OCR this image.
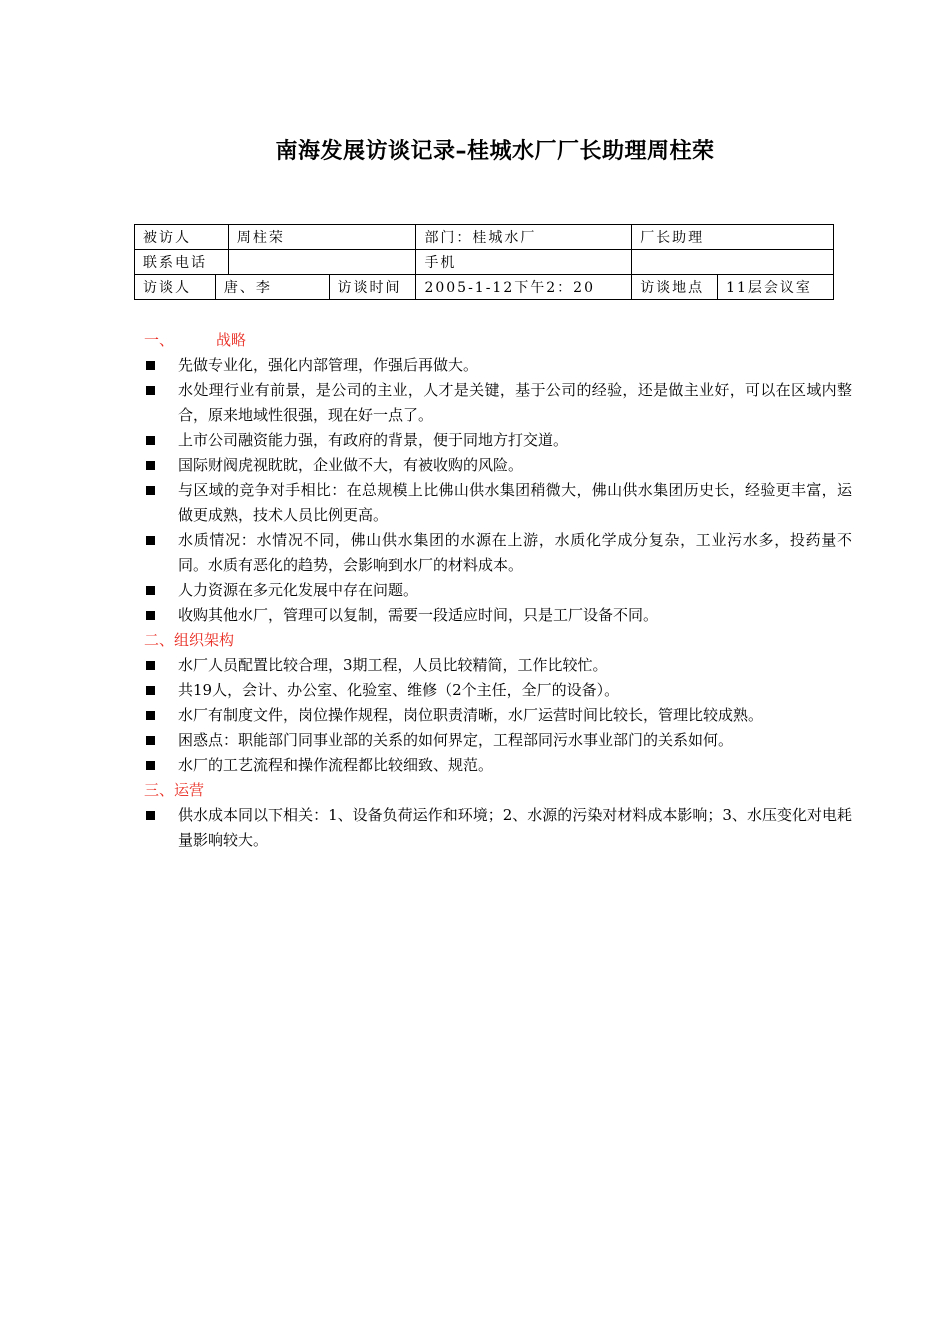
南海发展访谈记录–桂城水厂厂长助理周柱荣
被访人		周柱荣		部门：桂城水厂	厂长助理	
联系电话				手机		
访谈人	唐、李		访谈时间	2005-1-12下午2：20	访谈地点	11层会议室
一、	战略
先做专业化，强化内部管理，作强后再做大。
水处理行业有前景，是公司的主业，人才是关键，基于公司的经验，还是做主业好，可以在区域内整合，原来地域性很强，现在好一点了。
上市公司融资能力强，有政府的背景，便于同地方打交道。
国际财阀虎视眈眈，企业做不大，有被收购的风险。
与区域的竞争对手相比：在总规模上比佛山供水集团稍微大，佛山供水集团历史长，经验更丰富，运做更成熟，技术人员比例更高。
水质情况：水情况不同，佛山供水集团的水源在上游，水质化学成分复杂，工业污水多，投药量不同。水质有恶化的趋势，会影响到水厂的材料成本。
人力资源在多元化发展中存在问题。
收购其他水厂，管理可以复制，需要一段适应时间，只是工厂设备不同。
二、组织架构
水厂人员配置比较合理，3期工程，人员比较精简，工作比较忙。
共19人，会计、办公室、化验室、维修（2个主任，全厂的设备）。
水厂有制度文件，岗位操作规程，岗位职责清晰，水厂运营时间比较长，管理比较成熟。
困惑点：职能部门同事业部的关系的如何界定，工程部同污水事业部门的关系如何。
水厂的工艺流程和操作流程都比较细致、规范。
三、运营
供水成本同以下相关：1、设备负荷运作和环境；2、水源的污染对材料成本影响；3、水压变化对电耗量影响较大。
